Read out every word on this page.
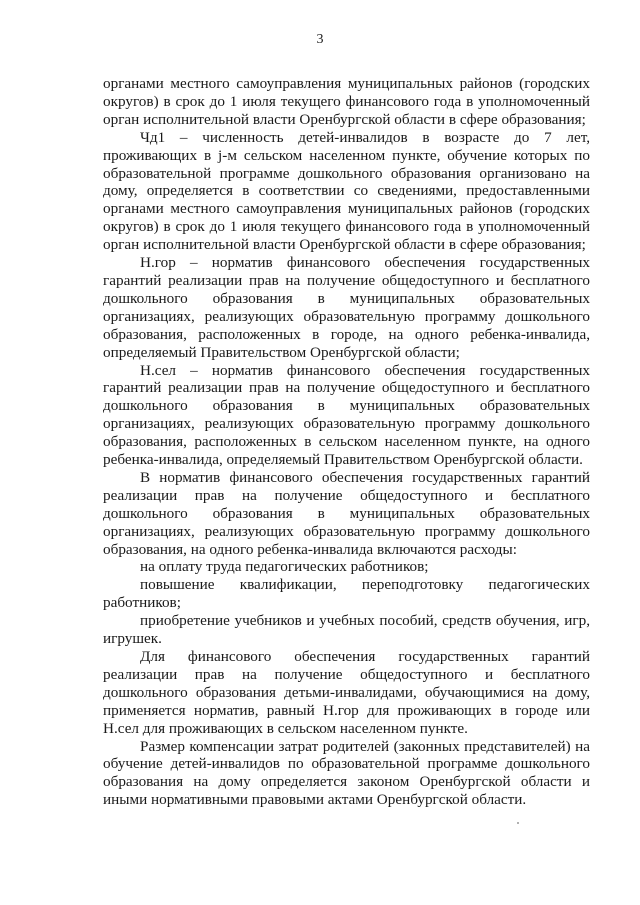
3

органами местного самоуправления муниципальных районов (городских округов) в срок до 1 июля текущего финансового года в уполномоченный орган исполнительной власти Оренбургской области в сфере образования;

Чд1 – численность детей-инвалидов в возрасте до 7 лет, проживающих в j-м сельском населенном пункте, обучение которых по образовательной программе дошкольного образования организовано на дому, определяется в соответствии со сведениями, предоставленными органами местного самоуправления муниципальных районов (городских округов) в срок до 1 июля текущего финансового года в уполномоченный орган исполнительной власти Оренбургской области в сфере образования;

Н.гор – норматив финансового обеспечения государственных гарантий реализации прав на получение общедоступного и бесплатного дошкольного образования в муниципальных образовательных организациях, реализующих образовательную программу дошкольного образования, расположенных в городе, на одного ребенка-инвалида, определяемый Правительством Оренбургской области;

Н.сел – норматив финансового обеспечения государственных гарантий реализации прав на получение общедоступного и бесплатного дошкольного образования в муниципальных образовательных организациях, реализующих образовательную программу дошкольного образования, расположенных в сельском населенном пункте, на одного ребенка-инвалида, определяемый Правительством Оренбургской области.

В норматив финансового обеспечения государственных гарантий реализации прав на получение общедоступного и бесплатного дошкольного образования в муниципальных образовательных организациях, реализующих образовательную программу дошкольного образования, на одного ребенка-инвалида включаются расходы:

на оплату труда педагогических работников;

повышение квалификации, переподготовку педагогических работников;

приобретение учебников и учебных пособий, средств обучения, игр, игрушек.

Для финансового обеспечения государственных гарантий реализации прав на получение общедоступного и бесплатного дошкольного образования детьми-инвалидами, обучающимися на дому, применяется норматив, равный Н.гор для проживающих в городе или Н.сел для проживающих в сельском населенном пункте.

Размер компенсации затрат родителей (законных представителей) на обучение детей-инвалидов по образовательной программе дошкольного образования на дому определяется законом Оренбургской области и иными нормативными правовыми актами Оренбургской области.
